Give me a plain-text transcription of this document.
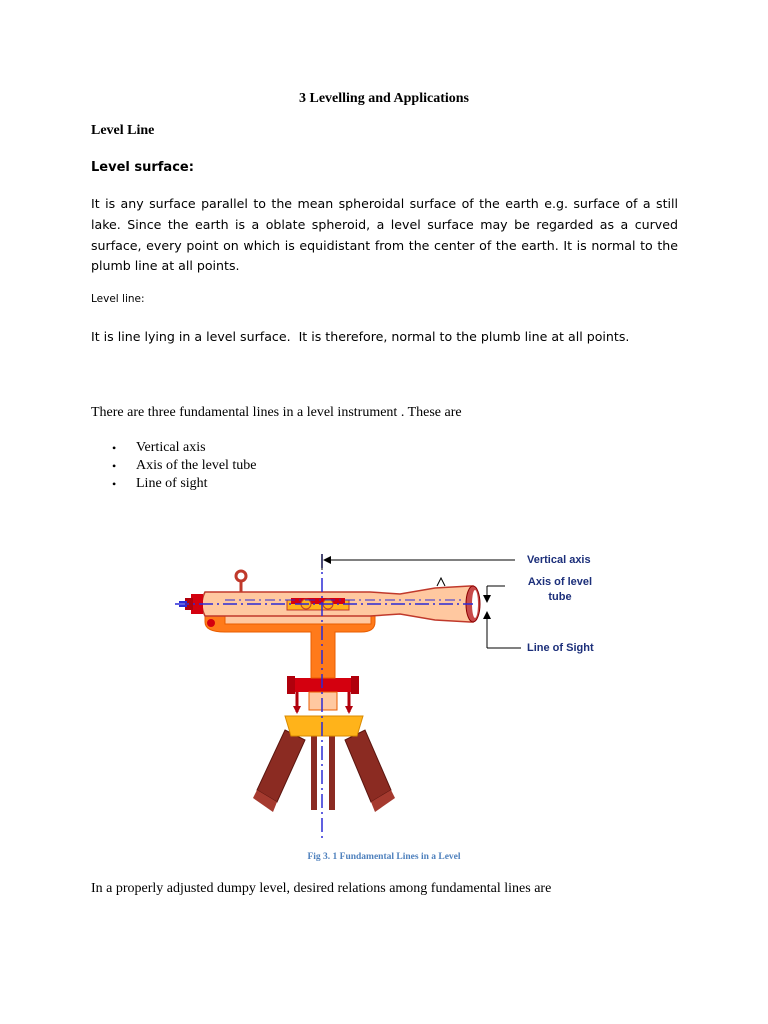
3 Levelling and Applications
Level Line
Level surface:
It is any surface parallel to the mean spheroidal surface of the earth e.g. surface of a still lake. Since the earth is a oblate spheroid, a level surface may be regarded as a curved surface, every point on which is equidistant from the center of the earth. It is normal to the plumb line at all points.
Level line:
It is line lying in a level surface.  It is therefore, normal to the plumb line at all points.
There are three fundamental lines in a level instrument . These are
• Vertical axis
• Axis of the level tube
• Line of sight
Vertical axis
Axis of level
tube
Line of Sight
Fig 3. 1 Fundamental Lines in a Level
In a properly adjusted dumpy level, desired relations among fundamental lines are
